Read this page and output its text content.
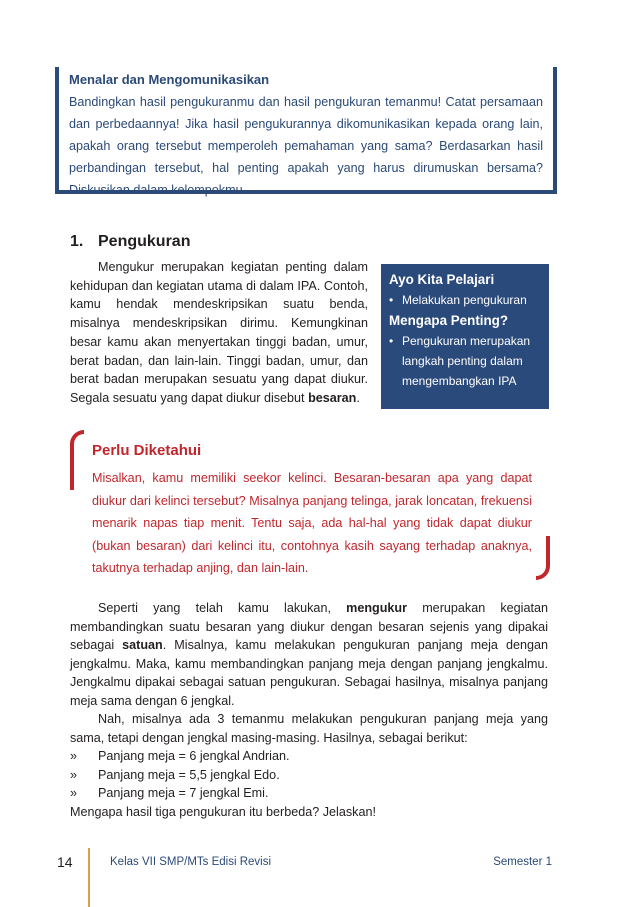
Menalar dan Mengomunikasikan
Bandingkan hasil pengukuranmu dan hasil pengukuran temanmu! Catat persamaan dan perbedaannya! Jika hasil pengukurannya dikomunikasikan kepada orang lain, apakah orang tersebut memperoleh pemahaman yang sama? Berdasarkan hasil perbandingan tersebut, hal penting apakah yang harus dirumuskan bersama? Diskusikan dalam kelompokmu.
1. Pengukuran
Mengukur merupakan kegiatan penting dalam kehidupan dan kegiatan utama di dalam IPA. Contoh, kamu hendak mendeskripsikan suatu benda, misalnya mendeskripsikan dirimu. Kemungkinan besar kamu akan menyertakan tinggi badan, umur, berat badan, dan lain-lain. Tinggi badan, umur, dan berat badan merupakan sesuatu yang dapat diukur. Segala sesuatu yang dapat diukur disebut besaran.
Ayo Kita Pelajari
• Melakukan pengukuran
Mengapa Penting?
• Pengukuran merupakan langkah penting dalam mengembangkan IPA
Perlu Diketahui
Misalkan, kamu memiliki seekor kelinci. Besaran-besaran apa yang dapat diukur dari kelinci tersebut? Misalnya panjang telinga, jarak loncatan, frekuensi menarik napas tiap menit. Tentu saja, ada hal-hal yang tidak dapat diukur (bukan besaran) dari kelinci itu, contohnya kasih sayang terhadap anaknya, takutnya terhadap anjing, dan lain-lain.
Seperti yang telah kamu lakukan, mengukur merupakan kegiatan membandingkan suatu besaran yang diukur dengan besaran sejenis yang dipakai sebagai satuan. Misalnya, kamu melakukan pengukuran panjang meja dengan jengkalmu. Maka, kamu membandingkan panjang meja dengan panjang jengkalmu. Jengkalmu dipakai sebagai satuan pengukuran. Sebagai hasilnya, misalnya panjang meja sama dengan 6 jengkal.
Nah, misalnya ada 3 temanmu melakukan pengukuran panjang meja yang sama, tetapi dengan jengkal masing-masing. Hasilnya, sebagai berikut:
»	Panjang meja = 6 jengkal Andrian.
»	Panjang meja = 5,5 jengkal Edo.
»	Panjang meja = 7 jengkal Emi.
Mengapa hasil tiga pengukuran itu berbeda? Jelaskan!
14	Kelas VII SMP/MTs Edisi Revisi	Semester 1
